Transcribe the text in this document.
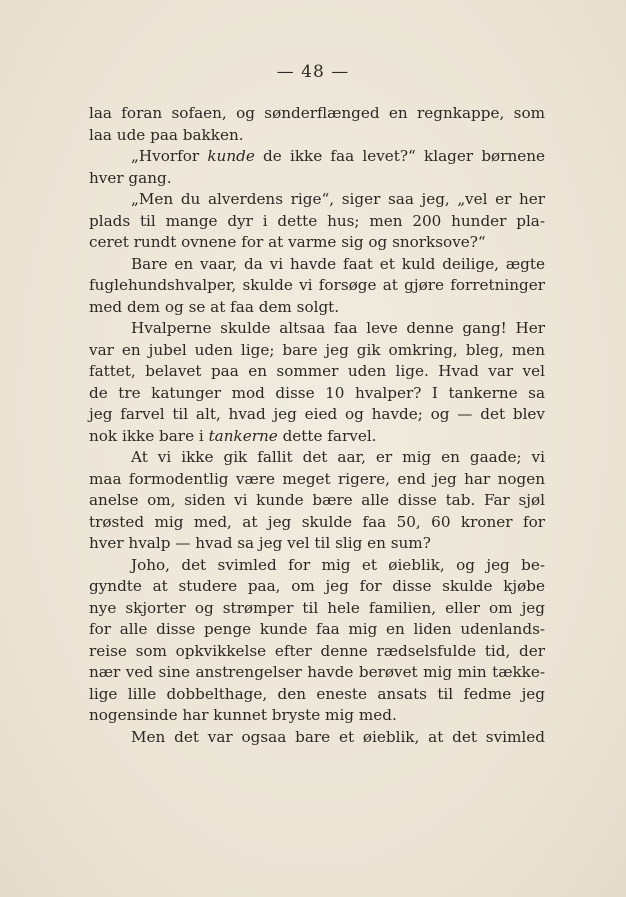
— 48 —
laa foran sofaen, og sønderflænged en regnkappe, som
laa ude paa bakken.
„Hvorfor kunde de ikke faa levet?“ klager børnene
hver gang.
„Men du alverdens rige“, siger saa jeg, „vel er her
plads til mange dyr i dette hus; men 200 hunder pla-
ceret rundt ovnene for at varme sig og snorksove?“
Bare en vaar, da vi havde faat et kuld deilige, ægte
fuglehundshvalper, skulde vi forsøge at gjøre forretninger
med dem og se at faa dem solgt.
Hvalperne skulde altsaa faa leve denne gang! Her
var en jubel uden lige; bare jeg gik omkring, bleg, men
fattet, belavet paa en sommer uden lige. Hvad var vel
de tre katunger mod disse 10 hvalper? I tankerne sa
jeg farvel til alt, hvad jeg eied og havde; og — det blev
nok ikke bare i tankerne dette farvel.
At vi ikke gik fallit det aar, er mig en gaade; vi
maa formodentlig være meget rigere, end jeg har nogen
anelse om, siden vi kunde bære alle disse tab. Far sjøl
trøsted mig med, at jeg skulde faa 50, 60 kroner for
hver hvalp — hvad sa jeg vel til slig en sum?
Joho, det svimled for mig et øieblik, og jeg be-
gyndte at studere paa, om jeg for disse skulde kjøbe
nye skjorter og strømper til hele familien, eller om jeg
for alle disse penge kunde faa mig en liden udenlands-
reise som opkvikkelse efter denne rædselsfulde tid, der
nær ved sine anstrengelser havde berøvet mig min tække-
lige lille dobbelthage, den eneste ansats til fedme jeg
nogensinde har kunnet bryste mig med.
Men det var ogsaa bare et øieblik, at det svimled
